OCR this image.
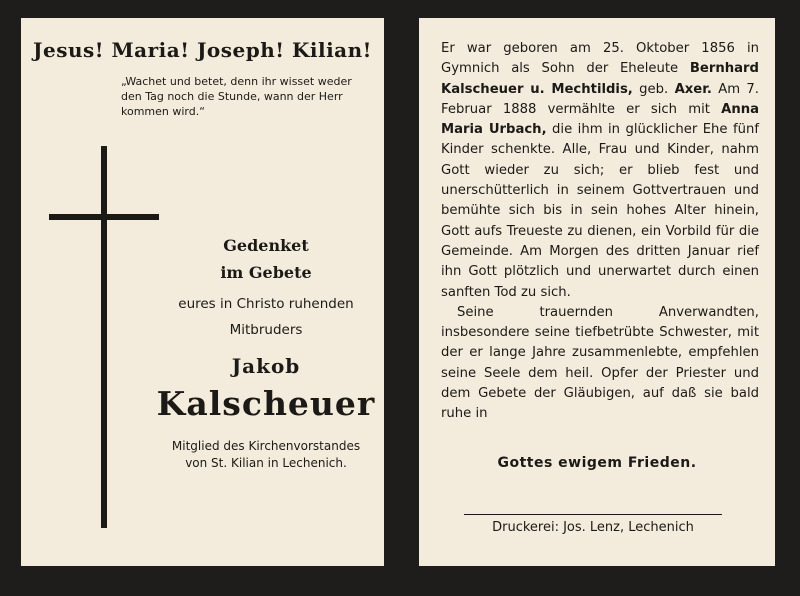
Jesus! Maria! Joseph! Kilian!
„Wachet und betet, denn ihr wisset weder den Tag noch die Stunde, wann der Herr kommen wird.“
Gedenket
im Gebete
eures in Christo ruhenden
Mitbruders
Jakob
Kalscheuer
Mitglied des Kirchenvorstandes
von St. Kilian in Lechenich.

Er war geboren am 25. Oktober 1856 in Gymnich als Sohn der Eheleute Bernhard Kalscheuer u. Mechtildis, geb. Axer. Am 7. Februar 1888 vermählte er sich mit Anna Maria Urbach, die ihm in glücklicher Ehe fünf Kinder schenkte. Alle, Frau und Kinder, nahm Gott wieder zu sich; er blieb fest und unerschütterlich in seinem Gottvertrauen und bemühte sich bis in sein hohes Alter hinein, Gott aufs Treueste zu dienen, ein Vorbild für die Gemeinde. Am Morgen des dritten Januar rief ihn Gott plötzlich und unerwartet durch einen sanften Tod zu sich.

Seine trauernden Anverwandten, insbesondere seine tiefbetrübte Schwester, mit der er lange Jahre zusammenlebte, empfehlen seine Seele dem heil. Opfer der Priester und dem Gebete der Gläubigen, auf daß sie bald ruhe in

Gottes ewigem Frieden.
Druckerei: Jos. Lenz, Lechenich
